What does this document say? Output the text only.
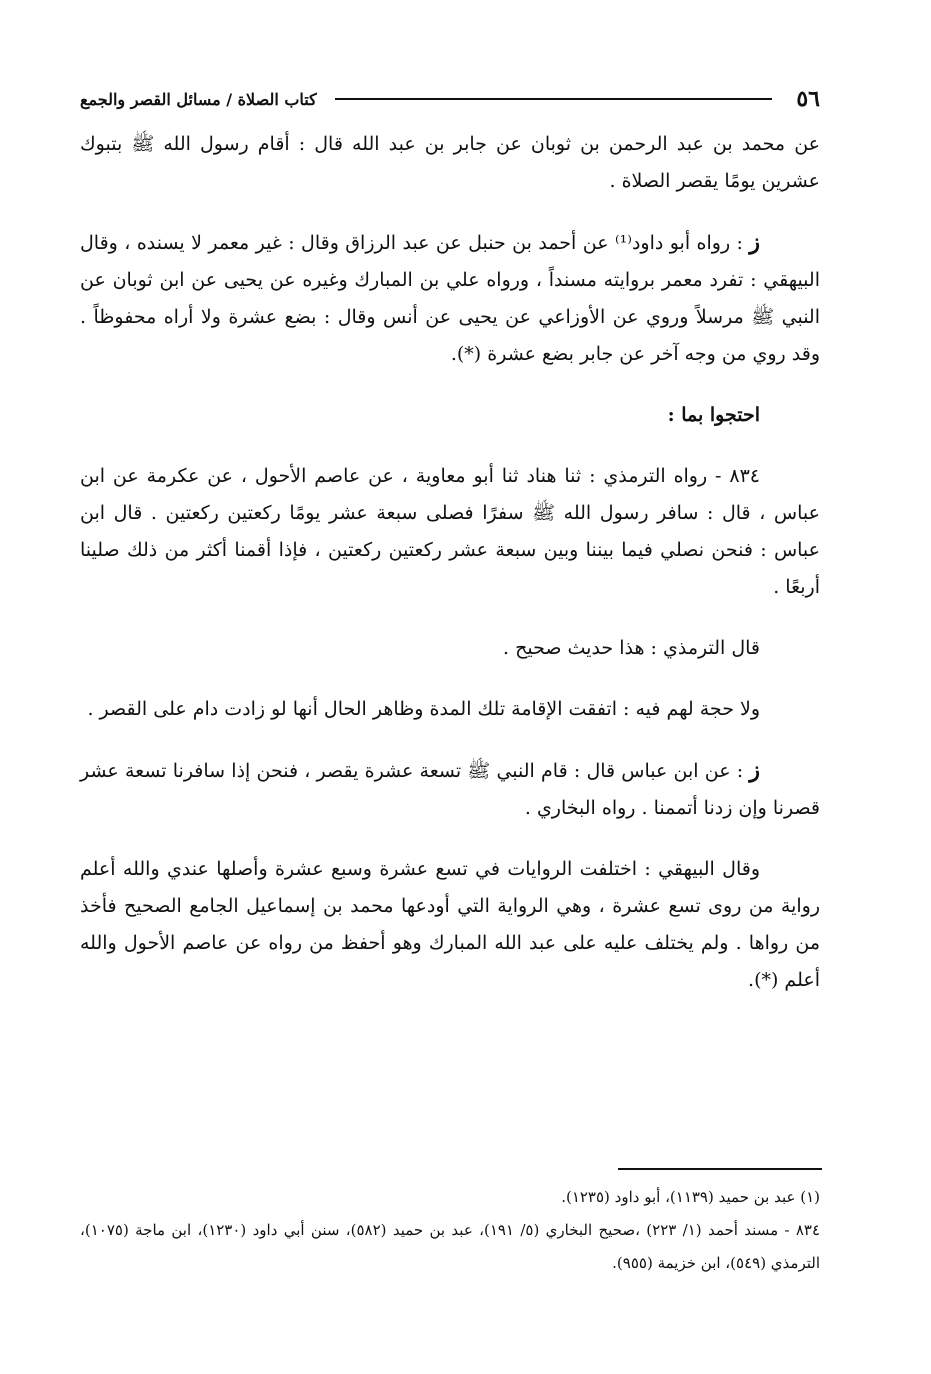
٥٦
كتاب الصلاة / مسائل القصر والجمع

عن محمد بن عبد الرحمن بن ثوبان عن جابر بن عبد الله قال : أقام رسول الله ﷺ بتبوك عشرين يومًا يقصر الصلاة .

ز : رواه أبو داود⁽¹⁾ عن أحمد بن حنبل عن عبد الرزاق وقال : غير معمر لا يسنده ، وقال البيهقي : تفرد معمر بروايته مسنداً ، ورواه علي بن المبارك وغيره عن يحيى عن ابن ثوبان عن النبي ﷺ مرسلاً وروي عن الأوزاعي عن يحيى عن أنس وقال : بضع عشرة ولا أراه محفوظاً . وقد روي من وجه آخر عن جابر بضع عشرة (*).

احتجوا بما :

٨٣٤ - رواه الترمذي : ثنا هناد ثنا أبو معاوية ، عن عاصم الأحول ، عن عكرمة عن ابن عباس ، قال : سافر رسول الله ﷺ سفرًا فصلى سبعة عشر يومًا ركعتين ركعتين . قال ابن عباس : فنحن نصلي فيما بيننا وبين سبعة عشر ركعتين ركعتين ، فإذا أقمنا أكثر من ذلك صلينا أربعًا .

قال الترمذي : هذا حديث صحيح .

ولا حجة لهم فيه : اتفقت الإقامة تلك المدة وظاهر الحال أنها لو زادت دام على القصر .

ز : عن ابن عباس قال : قام النبي ﷺ تسعة عشرة يقصر ، فنحن إذا سافرنا تسعة عشر قصرنا وإن زدنا أتممنا . رواه البخاري .

وقال البيهقي : اختلفت الروايات في تسع عشرة وسبع عشرة وأصلها عندي والله أعلم رواية من روى تسع عشرة ، وهي الرواية التي أودعها محمد بن إسماعيل الجامع الصحيح فأخذ من رواها . ولم يختلف عليه على عبد الله المبارك وهو أحفظ من رواه عن عاصم الأحول والله أعلم (*).

(١) عبد بن حميد (١١٣٩)، أبو داود (١٢٣٥).

٨٣٤ - مسند أحمد (١/ ٢٢٣) ،صحيح البخاري (٥/ ١٩١)، عبد بن حميد (٥٨٢)، سنن أبي داود (١٢٣٠)، ابن ماجة (١٠٧٥)، الترمذي (٥٤٩)، ابن خزيمة (٩٥٥).
